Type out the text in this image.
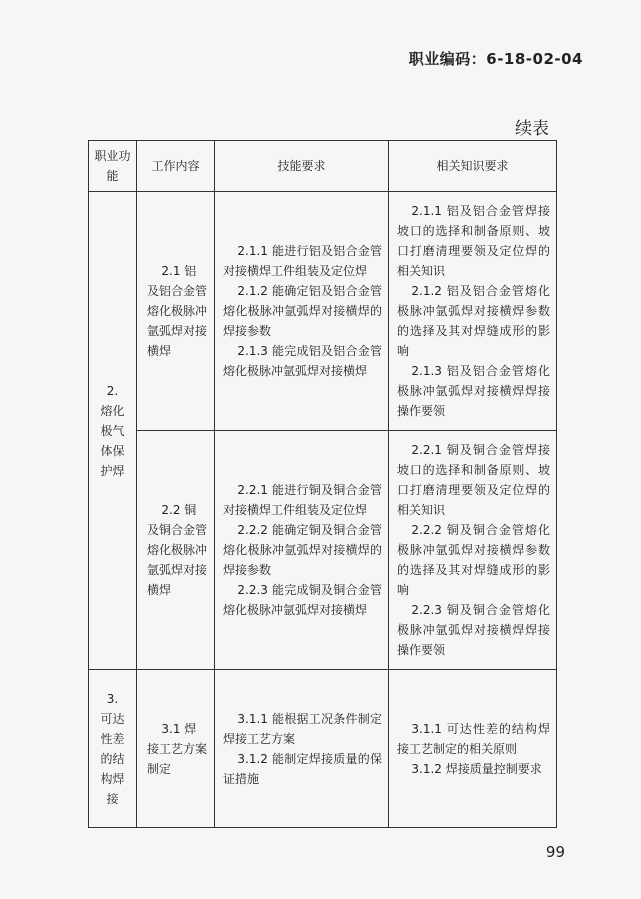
职业编码：6-18-02-04
续表
职业功能	工作内容	技能要求	相关知识要求

2.
熔化极气体保护焊	2.1 铝及铝合金管熔化极脉冲氩弧焊对接横焊	2.1.1 能进行铝及铝合金管对接横焊工件组装及定位焊
2.1.2 能确定铝及铝合金管熔化极脉冲氩弧焊对接横焊的焊接参数
2.1.3 能完成铝及铝合金管熔化极脉冲氩弧焊对接横焊	2.1.1 铝及铝合金管焊接坡口的选择和制备原则、坡口打磨清理要领及定位焊的相关知识
2.1.2 铝及铝合金管熔化极脉冲氩弧焊对接横焊参数的选择及其对焊缝成形的影响
2.1.3 铝及铝合金管熔化极脉冲氩弧焊对接横焊焊接操作要领

	2.2 铜及铜合金管熔化极脉冲氩弧焊对接横焊	2.2.1 能进行铜及铜合金管对接横焊工件组装及定位焊
2.2.2 能确定铜及铜合金管熔化极脉冲氩弧焊对接横焊的焊接参数
2.2.3 能完成铜及铜合金管熔化极脉冲氩弧焊对接横焊	2.2.1 铜及铜合金管焊接坡口的选择和制备原则、坡口打磨清理要领及定位焊的相关知识
2.2.2 铜及铜合金管熔化极脉冲氩弧焊对接横焊参数的选择及其对焊缝成形的影响
2.2.3 铜及铜合金管熔化极脉冲氩弧焊对接横焊焊接操作要领

3.
可达性差的结构焊接	3.1 焊接工艺方案制定	3.1.1 能根据工况条件制定焊接工艺方案
3.1.2 能制定焊接质量的保证措施	3.1.1 可达性差的结构焊接工艺制定的相关原则
3.1.2 焊接质量控制要求
99
